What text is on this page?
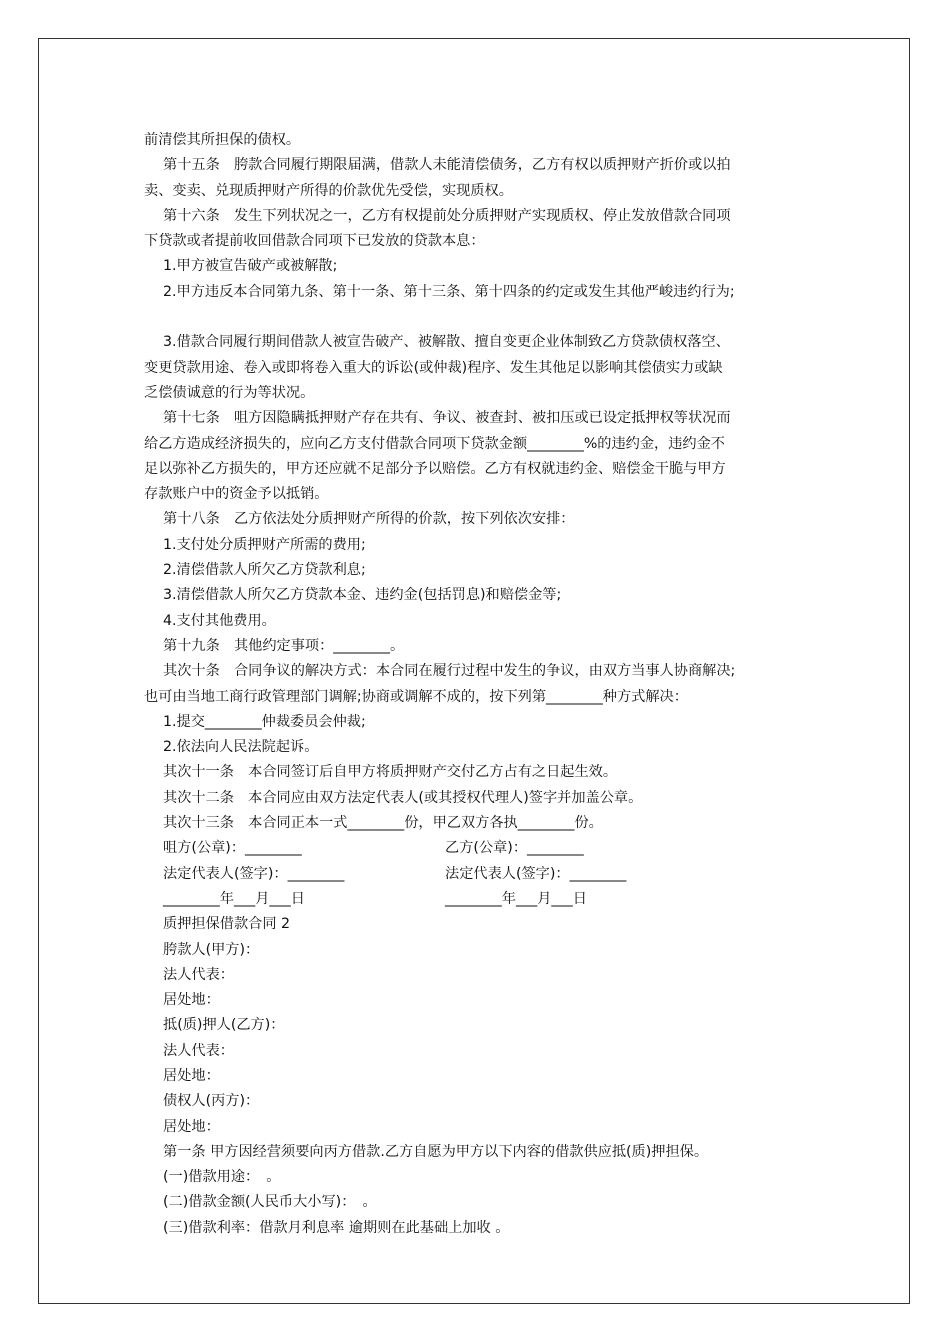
前清偿其所担保的债权。

第十五条　胯款合同履行期限届满，借款人未能清偿债务，乙方有权以质押财产折价或以拍

卖、变卖、兑现质押财产所得的价款优先受偿，实现质权。

第十六条　发生下列状况之一，乙方有权提前处分质押财产实现质权、停止发放借款合同项

下贷款或者提前收回借款合同项下已发放的贷款本息：

1.甲方被宣告破产或被解散;

2.甲方违反本合同第九条、第十一条、第十三条、第十四条的约定或发生其他严峻违约行为;

3.借款合同履行期间借款人被宣告破产、被解散、擅自变更企业体制致乙方贷款债权落空、

变更贷款用途、卷入或即将卷入重大的诉讼(或仲裁)程序、发生其他足以影响其偿债实力或缺

乏偿债诚意的行为等状况。

第十七条　咀方因隐瞒抵押财产存在共有、争议、被查封、被扣压或已设定抵押权等状况而

给乙方造成经济损失的，应向乙方支付借款合同项下贷款金额________%的违约金，违约金不

足以弥补乙方损失的，甲方还应就不足部分予以赔偿。乙方有权就违约金、赔偿金干脆与甲方

存款账户中的资金予以抵销。

第十八条　乙方依法处分质押财产所得的价款，按下列依次安排：

1.支付处分质押财产所需的费用;

2.清偿借款人所欠乙方贷款利息;

3.清偿借款人所欠乙方贷款本金、违约金(包括罚息)和赔偿金等;

4.支付其他费用。

第十九条　其他约定事项：________。

其次十条　合同争议的解决方式：本合同在履行过程中发生的争议，由双方当事人协商解决;

也可由当地工商行政管理部门调解;协商或调解不成的，按下列第________种方式解决：

1.提交________仲裁委员会仲裁;

2.依法向人民法院起诉。

其次十一条　本合同签订后自甲方将质押财产交付乙方占有之日起生效。

其次十二条　本合同应由双方法定代表人(或其授权代理人)签字并加盖公章。

其次十三条　本合同正本一式________份，甲乙双方各执________份。

咀方(公章)：________	乙方(公章)：________
法定代表人(签字)：________	法定代表人(签字)：________
________年___月___日	________年___月___日

质押担保借款合同 2

胯款人(甲方)：

法人代表：

居处地：

抵(质)押人(乙方)：

法人代表：

居处地：

债权人(丙方)：

居处地：

第一条 甲方因经营须要向丙方借款.乙方自愿为甲方以下内容的借款供应抵(质)押担保。

(一)借款用途：　。

(二)借款金额(人民币大小写)：　。

(三)借款利率：借款月利息率 逾期则在此基础上加收 。
